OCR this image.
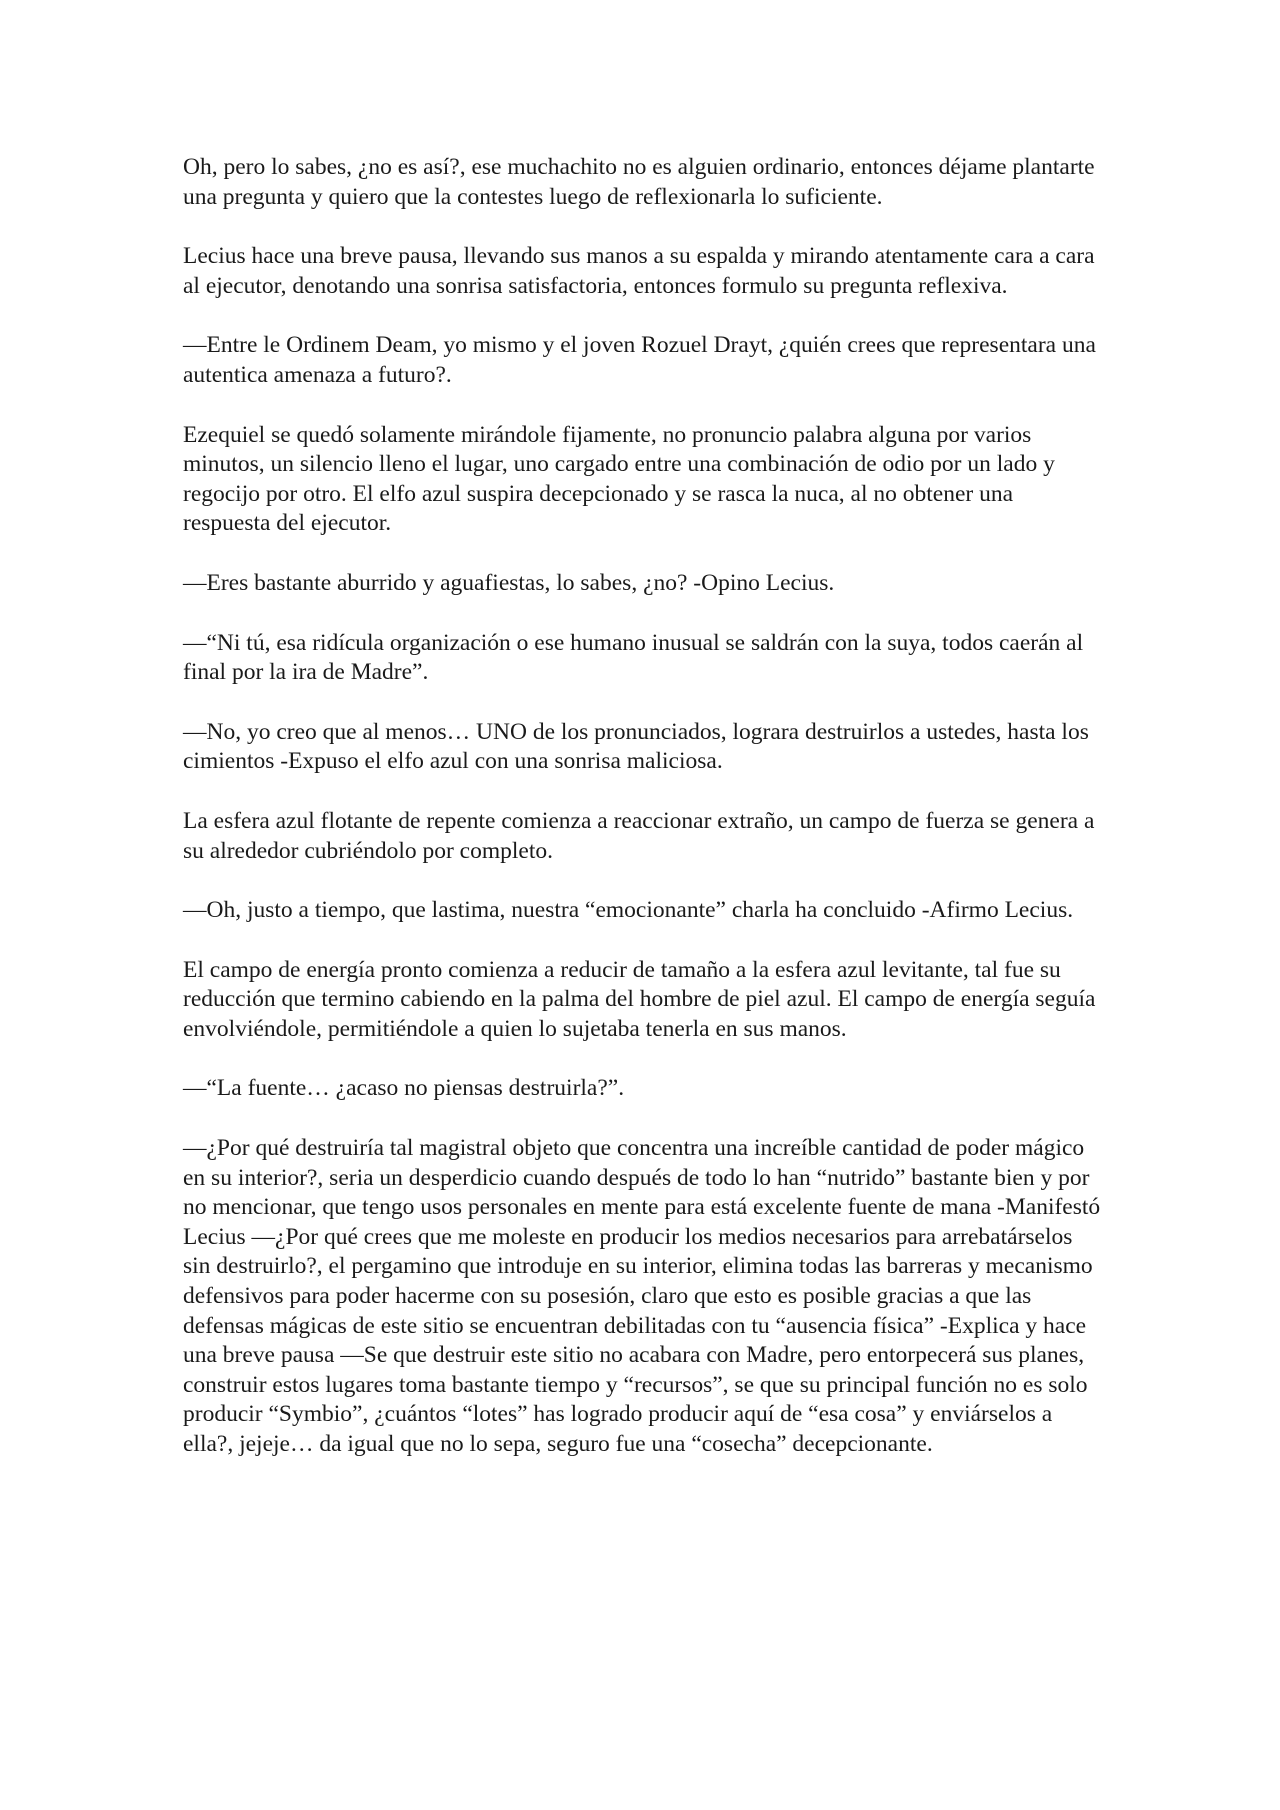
Oh, pero lo sabes, ¿no es así?, ese muchachito no es alguien ordinario, entonces déjame plantarte una pregunta y quiero que la contestes luego de reflexionarla lo suficiente.

Lecius hace una breve pausa, llevando sus manos a su espalda y mirando atentamente cara a cara al ejecutor, denotando una sonrisa satisfactoria, entonces formulo su pregunta reflexiva.

—Entre le Ordinem Deam, yo mismo y el joven Rozuel Drayt, ¿quién crees que representara una autentica amenaza a futuro?.

Ezequiel se quedó solamente mirándole fijamente, no pronuncio palabra alguna por varios minutos, un silencio lleno el lugar, uno cargado entre una combinación de odio por un lado y regocijo por otro. El elfo azul suspira decepcionado y se rasca la nuca, al no obtener una respuesta del ejecutor.

—Eres bastante aburrido y aguafiestas, lo sabes, ¿no? -Opino Lecius.

—“Ni tú, esa ridícula organización o ese humano inusual se saldrán con la suya, todos caerán al final por la ira de Madre”.

—No, yo creo que al menos… UNO de los pronunciados, lograra destruirlos a ustedes, hasta los cimientos -Expuso el elfo azul con una sonrisa maliciosa.

La esfera azul flotante de repente comienza a reaccionar extraño, un campo de fuerza se genera a su alrededor cubriéndolo por completo.

—Oh, justo a tiempo, que lastima, nuestra “emocionante” charla ha concluido -Afirmo Lecius.

El campo de energía pronto comienza a reducir de tamaño a la esfera azul levitante, tal fue su reducción que termino cabiendo en la palma del hombre de piel azul. El campo de energía seguía envolviéndole, permitiéndole a quien lo sujetaba tenerla en sus manos.

—“La fuente… ¿acaso no piensas destruirla?”.

—¿Por qué destruiría tal magistral objeto que concentra una increíble cantidad de poder mágico en su interior?, seria un desperdicio cuando después de todo lo han “nutrido” bastante bien y por no mencionar, que tengo usos personales en mente para está excelente fuente de mana -Manifestó Lecius —¿Por qué crees que me moleste en producir los medios necesarios para arrebatárselos sin destruirlo?, el pergamino que introduje en su interior, elimina todas las barreras y mecanismo defensivos para poder hacerme con su posesión, claro que esto es posible gracias a que las defensas mágicas de este sitio se encuentran debilitadas con tu “ausencia física” -Explica y hace una breve pausa —Se que destruir este sitio no acabara con Madre, pero entorpecerá sus planes, construir estos lugares toma bastante tiempo y “recursos”, se que su principal función no es solo producir “Symbio”, ¿cuántos “lotes” has logrado producir aquí de “esa cosa” y enviárselos a ella?, jejeje… da igual que no lo sepa, seguro fue una “cosecha” decepcionante.
